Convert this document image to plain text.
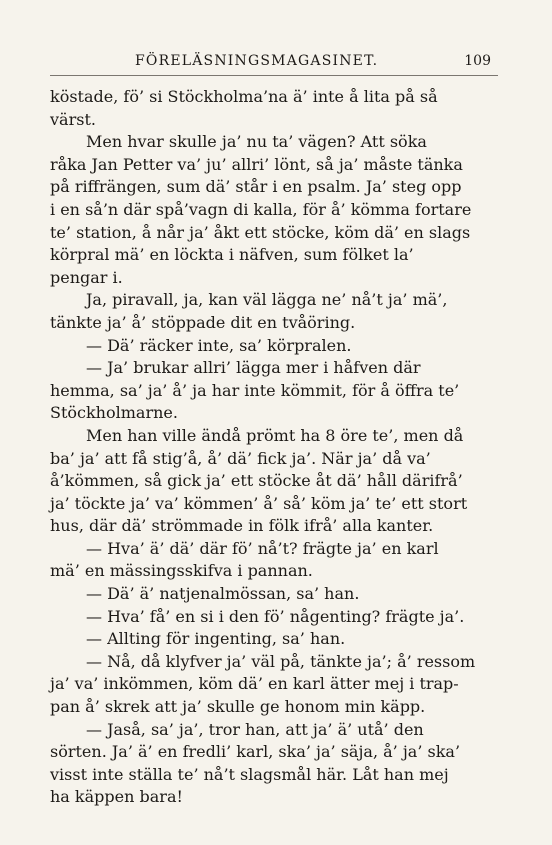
FÖRELÄSNINGSMAGASINET.	109
köstade, fö’ si Stöckholma’na ä’ inte å lita på så
värst.
Men hvar skulle ja’ nu ta’ vägen? Att söka
råka Jan Petter va’ ju’ allri’ lönt, så ja’ måste tänka
på riffrängen, sum dä’ står i en psalm. Ja’ steg opp
i en så’n där spå’vagn di kalla, för å’ kömma fortare
te’ station, å når ja’ åkt ett stöcke, köm dä’ en slags
körpral mä’ en löckta i näfven, sum fölket la’
pengar i.
Ja, piravall, ja, kan väl lägga ne’ nå’t ja’ mä’,
tänkte ja’ å’ stöppade dit en tvåöring.
— Dä’ räcker inte, sa’ körpralen.
— Ja’ brukar allri’ lägga mer i håfven där
hemma, sa’ ja’ å’ ja har inte kömmit, för å öffra te’
Stöckholmarne.
Men han ville ändå prömt ha 8 öre te’, men då
ba’ ja’ att få stig’å, å’ dä’ fick ja’. När ja’ då va’
å’kömmen, så gick ja’ ett stöcke åt dä’ håll därifrå’
ja’ töckte ja’ va’ kömmen’ å’ så’ köm ja’ te’ ett stort
hus, där dä’ strömmade in fölk ifrå’ alla kanter.
— Hva’ ä’ dä’ där fö’ nå’t? frägte ja’ en karl
mä’ en mässingsskifva i pannan.
— Dä’ ä’ natjenalmössan, sa’ han.
— Hva’ få’ en si i den fö’ någenting? frägte ja’.
— Allting för ingenting, sa’ han.
— Nå, då klyfver ja’ väl på, tänkte ja’; å’ ressom
ja’ va’ inkömmen, köm dä’ en karl ätter mej i trap-
pan å’ skrek att ja’ skulle ge honom min käpp.
— Jaså, sa’ ja’, tror han, att ja’ ä’ utå’ den
sörten. Ja’ ä’ en fredli’ karl, ska’ ja’ säja, å’ ja’ ska’
visst inte ställa te’ nå’t slagsmål här. Låt han mej
ha käppen bara!
